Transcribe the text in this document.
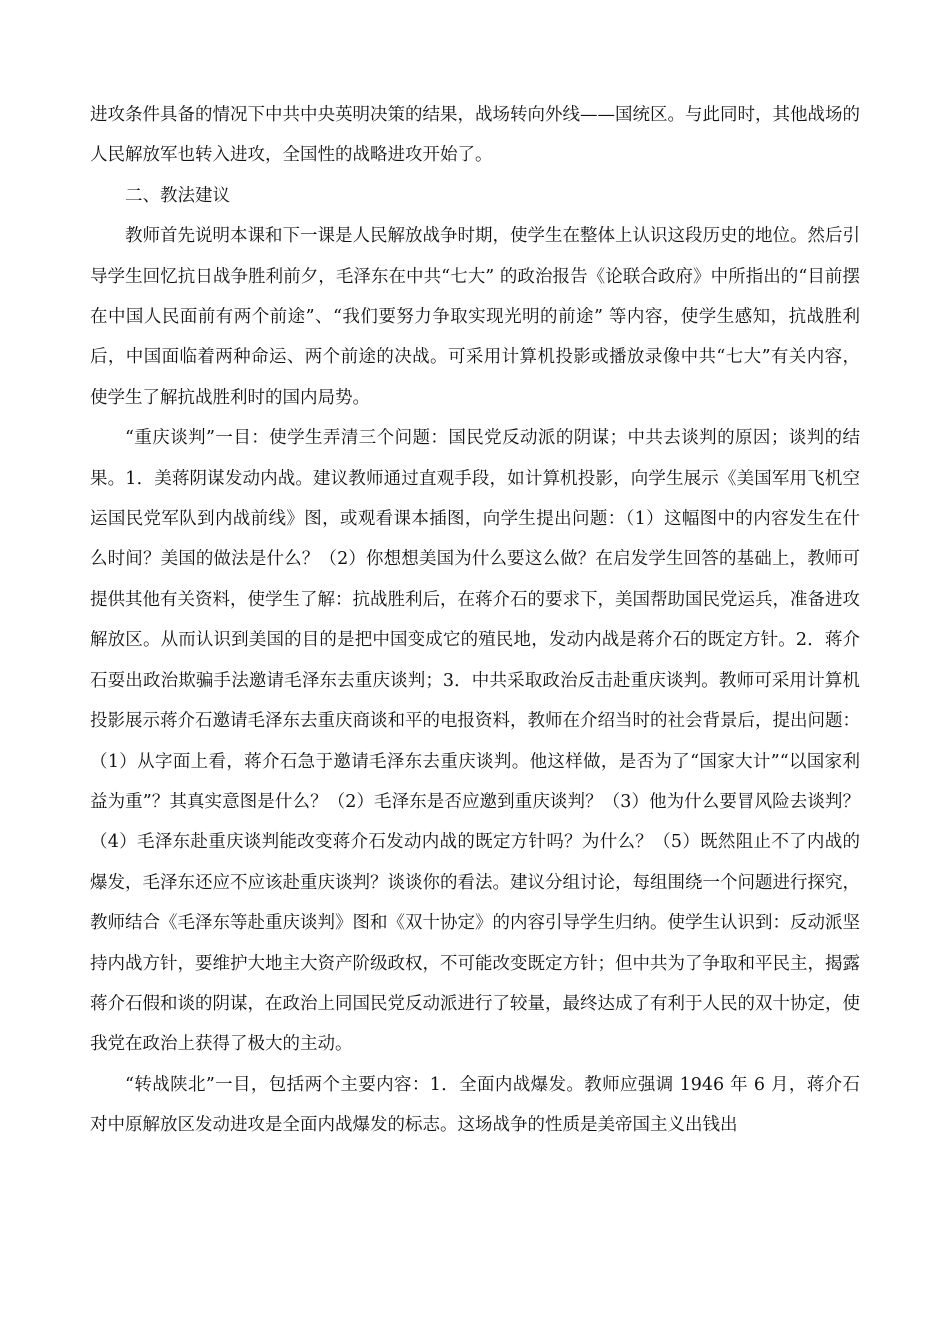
进攻条件具备的情况下中共中央英明决策的结果，战场转向外线——国统区。与此同时，其他战场的人民解放军也转入进攻，全国性的战略进攻开始了。

二、教法建议

教师首先说明本课和下一课是人民解放战争时期，使学生在整体上认识这段历史的地位。然后引导学生回忆抗日战争胜利前夕，毛泽东在中共“七大” 的政治报告《论联合政府》中所指出的“目前摆在中国人民面前有两个前途”、“我们要努力争取实现光明的前途” 等内容，使学生感知，抗战胜利后，中国面临着两种命运、两个前途的决战。可采用计算机投影或播放录像中共“七大”有关内容，使学生了解抗战胜利时的国内局势。

“重庆谈判”一目：使学生弄清三个问题：国民党反动派的阴谋；中共去谈判的原因；谈判的结果。1．美蒋阴谋发动内战。建议教师通过直观手段，如计算机投影，向学生展示《美国军用飞机空运国民党军队到内战前线》图，或观看课本插图，向学生提出问题：（1）这幅图中的内容发生在什么时间？美国的做法是什么？（2）你想想美国为什么要这么做？在启发学生回答的基础上，教师可提供其他有关资料，使学生了解：抗战胜利后，在蒋介石的要求下，美国帮助国民党运兵，准备进攻解放区。从而认识到美国的目的是把中国变成它的殖民地，发动内战是蒋介石的既定方针。2．蒋介石耍出政治欺骗手法邀请毛泽东去重庆谈判；3．中共采取政治反击赴重庆谈判。教师可采用计算机投影展示蒋介石邀请毛泽东去重庆商谈和平的电报资料，教师在介绍当时的社会背景后，提出问题：（1）从字面上看，蒋介石急于邀请毛泽东去重庆谈判。他这样做，是否为了“国家大计”“以国家利益为重”？其真实意图是什么？（2）毛泽东是否应邀到重庆谈判？（3）他为什么要冒风险去谈判？（4）毛泽东赴重庆谈判能改变蒋介石发动内战的既定方针吗？为什么？（5）既然阻止不了内战的爆发，毛泽东还应不应该赴重庆谈判？谈谈你的看法。建议分组讨论，每组围绕一个问题进行探究，教师结合《毛泽东等赴重庆谈判》图和《双十协定》的内容引导学生归纳。使学生认识到：反动派坚持内战方针，要维护大地主大资产阶级政权，不可能改变既定方针；但中共为了争取和平民主，揭露蒋介石假和谈的阴谋，在政治上同国民党反动派进行了较量，最终达成了有利于人民的双十协定，使我党在政治上获得了极大的主动。

“转战陕北”一目，包括两个主要内容：1．全面内战爆发。教师应强调 1946 年 6 月，蒋介石对中原解放区发动进攻是全面内战爆发的标志。这场战争的性质是美帝国主义出钱出
